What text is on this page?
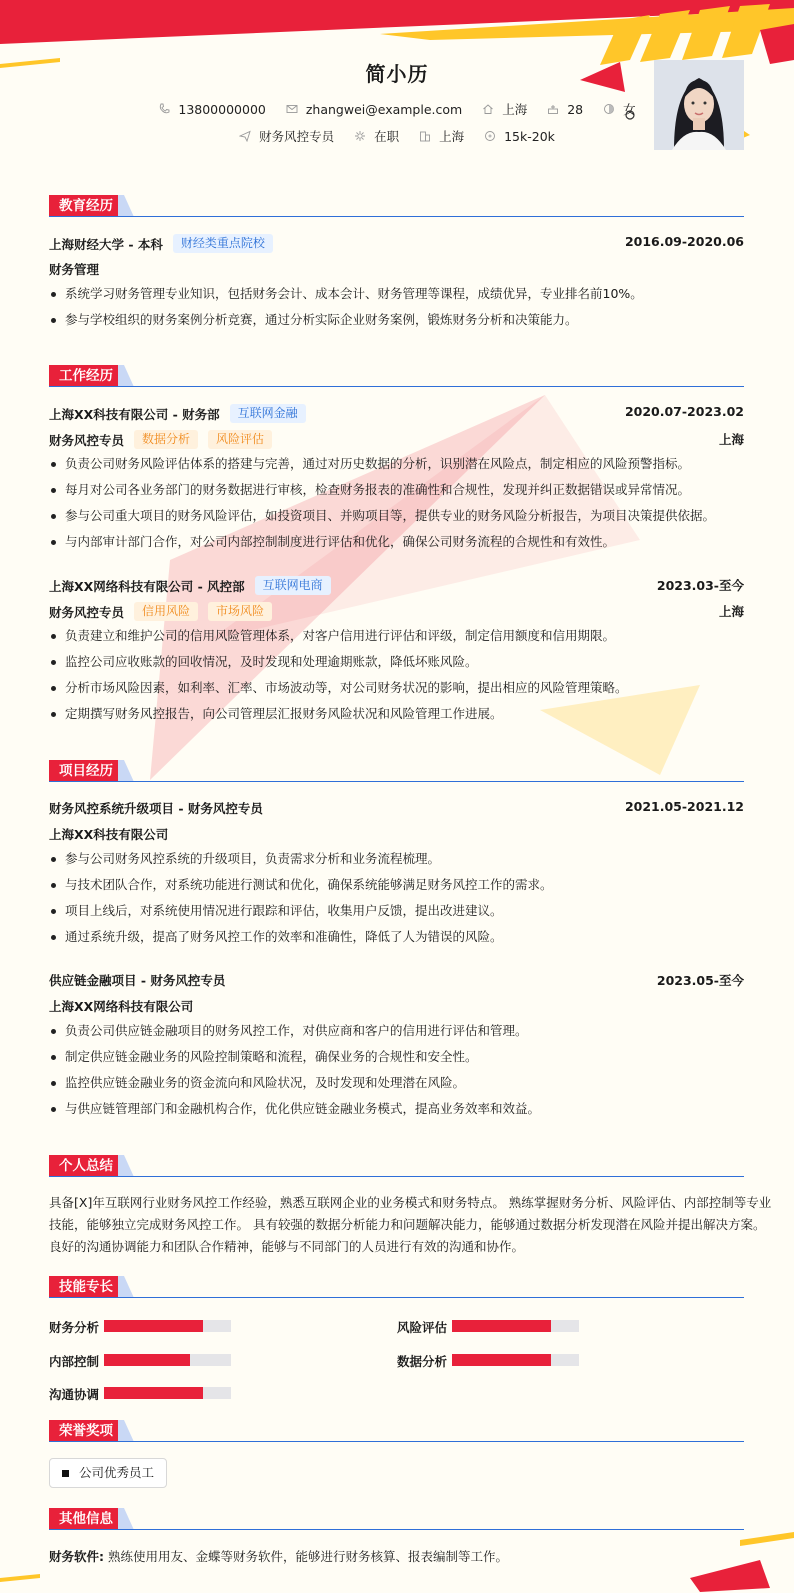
简小历
13800000000
	zhangwei@example.com
	上海
	28
	女
财务风控专员
	在职
	上海
	15k-20k
教育经历
上海财经大学 - 本科	财经类重点院校	2016.09-2020.06
财务管理
系统学习财务管理专业知识，包括财务会计、成本会计、财务管理等课程，成绩优异，专业排名前10%。
参与学校组织的财务案例分析竞赛，通过分析实际企业财务案例，锻炼财务分析和决策能力。
工作经历
上海XX科技有限公司 - 财务部	互联网金融	2020.07-2023.02
财务风控专员	数据分析	风险评估	上海
负责公司财务风险评估体系的搭建与完善，通过对历史数据的分析，识别潜在风险点，制定相应的风险预警指标。
每月对公司各业务部门的财务数据进行审核，检查财务报表的准确性和合规性，发现并纠正数据错误或异常情况。
参与公司重大项目的财务风险评估，如投资项目、并购项目等，提供专业的财务风险分析报告，为项目决策提供依据。
与内部审计部门合作，对公司内部控制制度进行评估和优化，确保公司财务流程的合规性和有效性。
上海XX网络科技有限公司 - 风控部	互联网电商	2023.03-至今
财务风控专员	信用风险	市场风险	上海
负责建立和维护公司的信用风险管理体系，对客户信用进行评估和评级，制定信用额度和信用期限。
监控公司应收账款的回收情况，及时发现和处理逾期账款，降低坏账风险。
分析市场风险因素，如利率、汇率、市场波动等，对公司财务状况的影响，提出相应的风险管理策略。
定期撰写财务风控报告，向公司管理层汇报财务风险状况和风险管理工作进展。
项目经历
财务风控系统升级项目 - 财务风控专员	2021.05-2021.12
上海XX科技有限公司
参与公司财务风控系统的升级项目，负责需求分析和业务流程梳理。
与技术团队合作，对系统功能进行测试和优化，确保系统能够满足财务风控工作的需求。
项目上线后，对系统使用情况进行跟踪和评估，收集用户反馈，提出改进建议。
通过系统升级，提高了财务风控工作的效率和准确性，降低了人为错误的风险。
供应链金融项目 - 财务风控专员	2023.05-至今
上海XX网络科技有限公司
负责公司供应链金融项目的财务风控工作，对供应商和客户的信用进行评估和管理。
制定供应链金融业务的风险控制策略和流程，确保业务的合规性和安全性。
监控供应链金融业务的资金流向和风险状况，及时发现和处理潜在风险。
与供应链管理部门和金融机构合作，优化供应链金融业务模式，提高业务效率和效益。
个人总结
具备[X]年互联网行业财务风控工作经验，熟悉互联网企业的业务模式和财务特点。 熟练掌握财务分析、风险评估、内部控制等专业
技能，能够独立完成财务风控工作。 具有较强的数据分析能力和问题解决能力，能够通过数据分析发现潜在风险并提出解决方案。
良好的沟通协调能力和团队合作精神，能够与不同部门的人员进行有效的沟通和协作。
技能专长
财务分析	风险评估
内部控制	数据分析
沟通协调
荣誉奖项
公司优秀员工
其他信息
财务软件: 熟练使用用友、金蝶等财务软件，能够进行财务核算、报表编制等工作。
